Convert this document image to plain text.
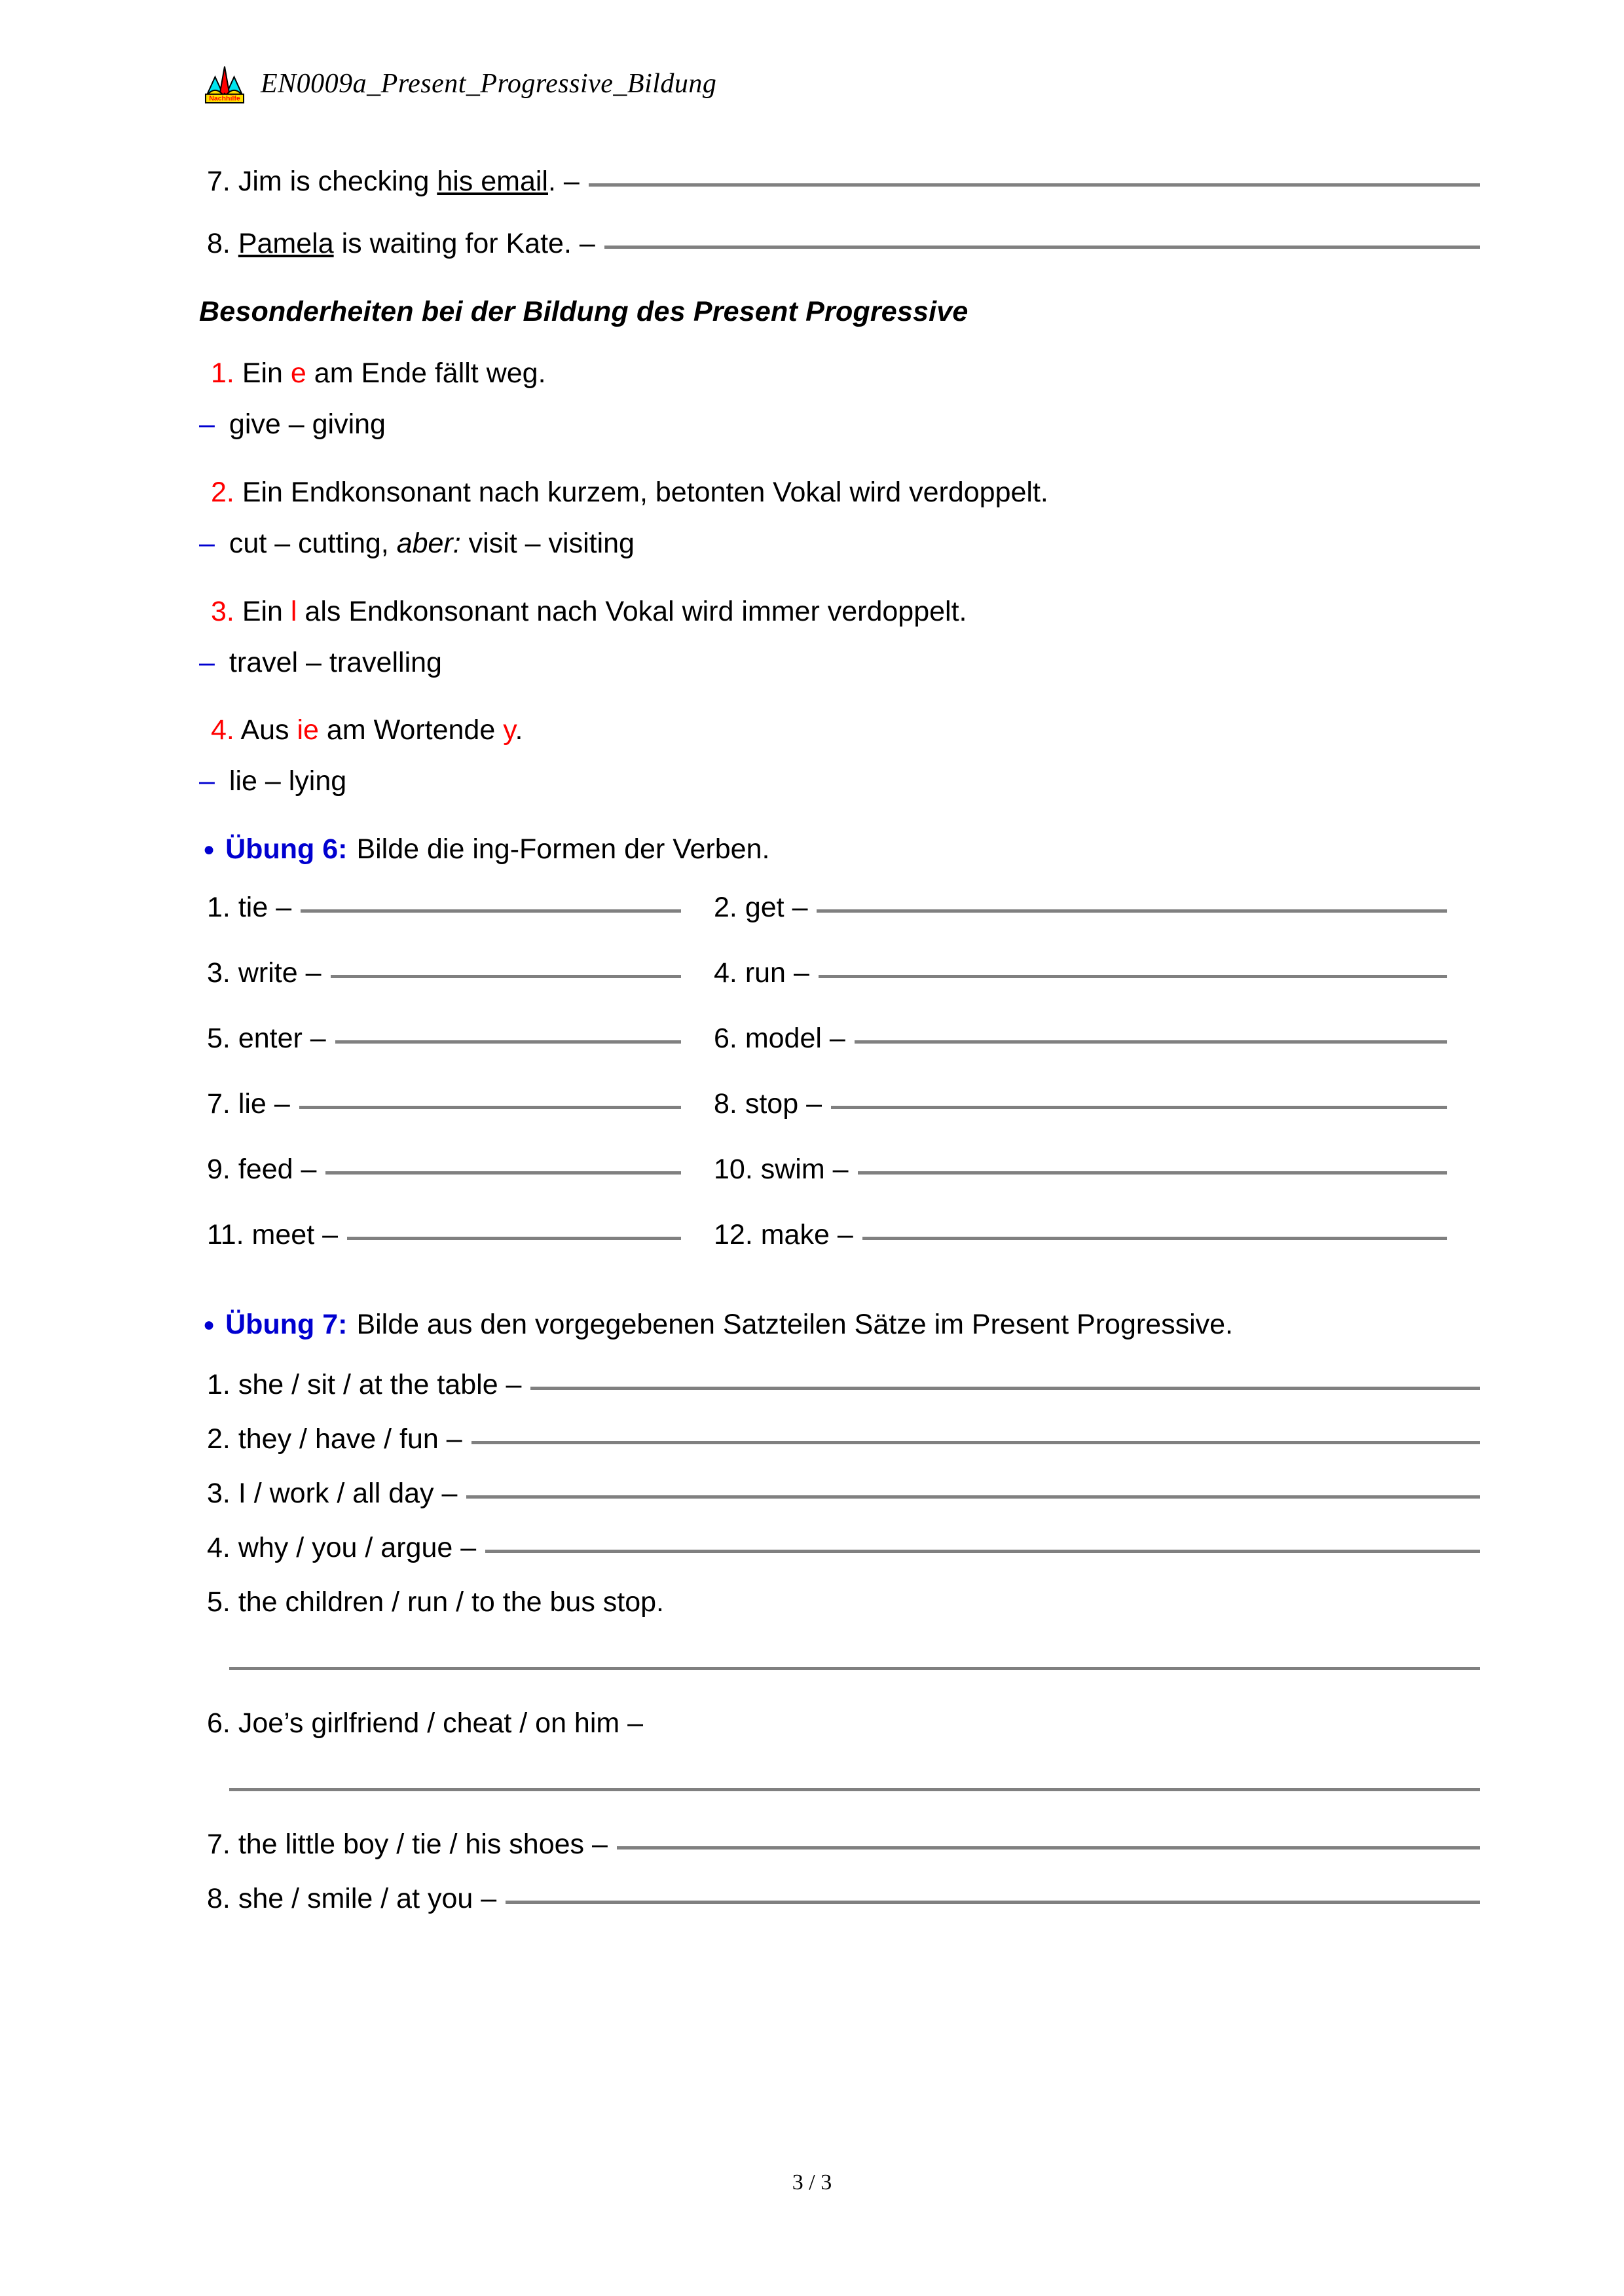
Nachhilfe EN0009a_Present_Progressive_Bildung
7. Jim is checking his email. –
8. Pamela is waiting for Kate. –
Besonderheiten bei der Bildung des Present Progressive
1. Ein e am Ende fällt weg.
– give – giving
2. Ein Endkonsonant nach kurzem, betonten Vokal wird verdoppelt.
– cut – cutting, aber: visit – visiting
3. Ein l als Endkonsonant nach Vokal wird immer verdoppelt.
– travel – travelling
4. Aus ie am Wortende y.
– lie – lying
● Übung 6: Bilde die ing-Formen der Verben.
1. tie –	2. get –
3. write –	4. run –
5. enter –	6. model –
7. lie –	8. stop –
9. feed –	10. swim –
11. meet –	12. make –
● Übung 7: Bilde aus den vorgegebenen Satzteilen Sätze im Present Progressive.
1. she / sit / at the table –
2. they / have / fun –
3. I / work / all day –
4. why / you / argue –
5. the children / run / to the bus stop.
6. Joe’s girlfriend / cheat / on him –
7. the little boy / tie / his shoes –
8. she / smile / at you –
3 / 3
